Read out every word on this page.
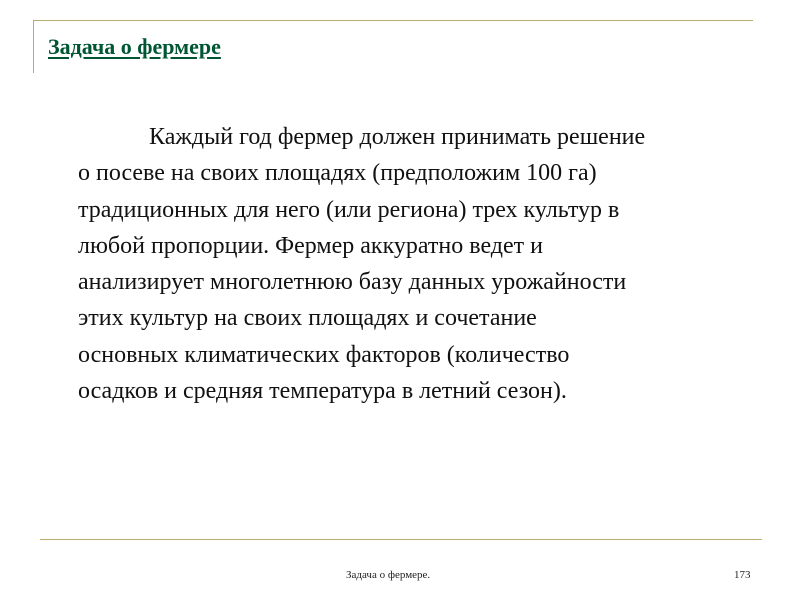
Задача о фермере

Каждый год фермер должен принимать решение
о посеве на своих площадях (предположим 100 га)
традиционных для него (или региона) трех культур в
любой пропорции. Фермер аккуратно ведет и
анализирует многолетнюю базу данных урожайности
этих культур на своих площадях и сочетание
основных климатических факторов (количество
осадков и средняя температура в летний сезон).

Задача о фермере.	173
